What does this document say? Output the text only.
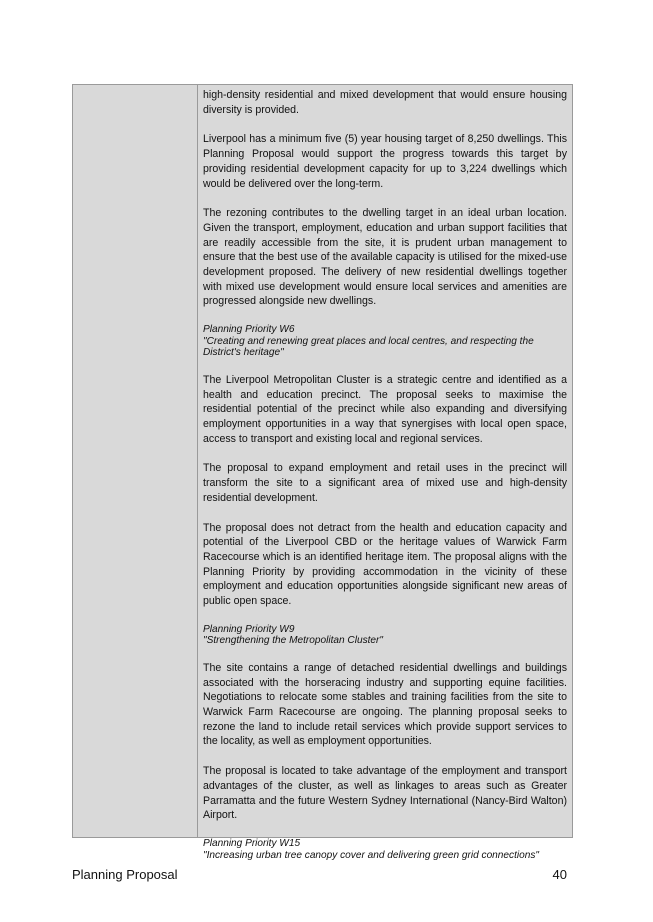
high-density residential and mixed development that would ensure housing diversity is provided.

Liverpool has a minimum five (5) year housing target of 8,250 dwellings. This Planning Proposal would support the progress towards this target by providing residential development capacity for up to 3,224 dwellings which would be delivered over the long-term.

The rezoning contributes to the dwelling target in an ideal urban location. Given the transport, employment, education and urban support facilities that are readily accessible from the site, it is prudent urban management to ensure that the best use of the available capacity is utilised for the mixed-use development proposed. The delivery of new residential dwellings together with mixed use development would ensure local services and amenities are progressed alongside new dwellings.

Planning Priority W6
"Creating and renewing great places and local centres, and respecting the District's heritage"

The Liverpool Metropolitan Cluster is a strategic centre and identified as a health and education precinct. The proposal seeks to maximise the residential potential of the precinct while also expanding and diversifying employment opportunities in a way that synergises with local open space, access to transport and existing local and regional services.

The proposal to expand employment and retail uses in the precinct will transform the site to a significant area of mixed use and high-density residential development.

The proposal does not detract from the health and education capacity and potential of the Liverpool CBD or the heritage values of Warwick Farm Racecourse which is an identified heritage item. The proposal aligns with the Planning Priority by providing accommodation in the vicinity of these employment and education opportunities alongside significant new areas of public open space.

Planning Priority W9
"Strengthening the Metropolitan Cluster"

The site contains a range of detached residential dwellings and buildings associated with the horseracing industry and supporting equine facilities. Negotiations to relocate some stables and training facilities from the site to Warwick Farm Racecourse are ongoing. The planning proposal seeks to rezone the land to include retail services which provide support services to the locality, as well as employment opportunities.

The proposal is located to take advantage of the employment and transport advantages of the cluster, as well as linkages to areas such as Greater Parramatta and the future Western Sydney International (Nancy-Bird Walton) Airport.

Planning Priority W15
"Increasing urban tree canopy cover and delivering green grid connections"
Planning Proposal	40
